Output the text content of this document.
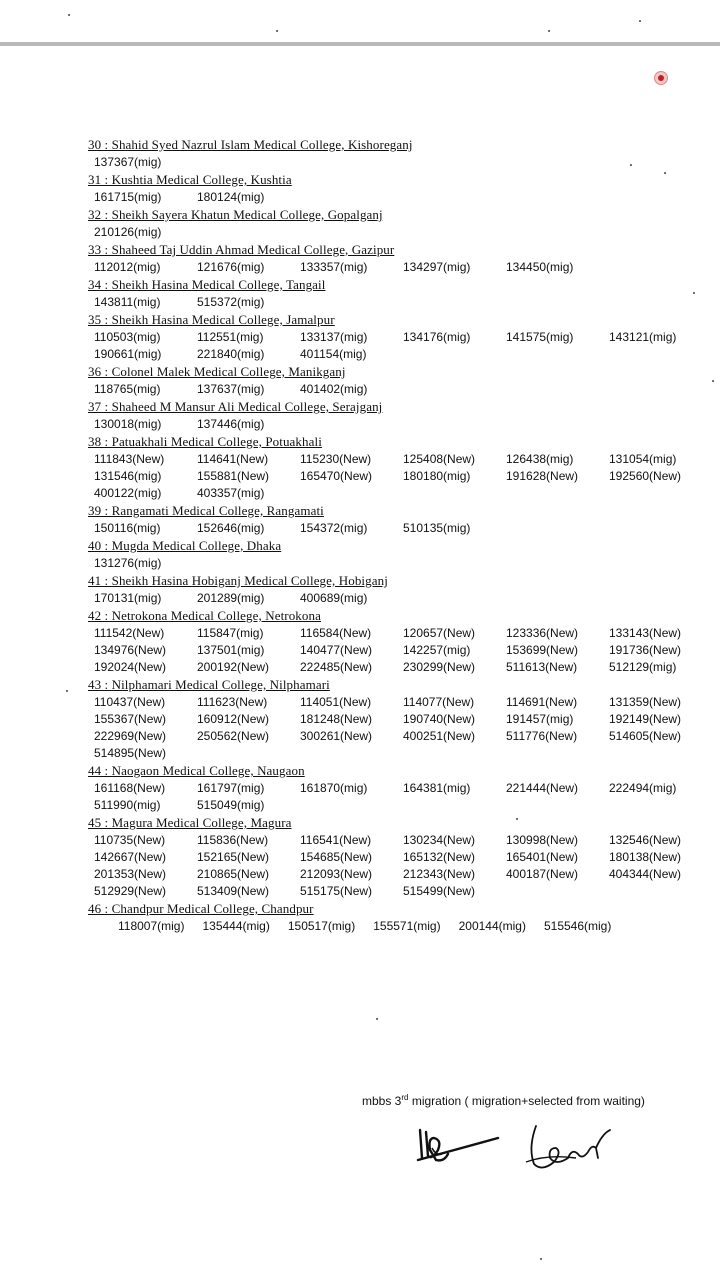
30 : Shahid Syed Nazrul Islam Medical College, Kishoreganj
137367(mig)
31 : Kushtia Medical College, Kushtia
161715(mig)	180124(mig)
32 : Sheikh Sayera Khatun Medical College, Gopalganj
210126(mig)
33 : Shaheed Taj Uddin Ahmad Medical College, Gazipur
112012(mig)	121676(mig)	133357(mig)	134297(mig)	134450(mig)
34 : Sheikh Hasina Medical College, Tangail
143811(mig)	515372(mig)
35 : Sheikh Hasina Medical College, Jamalpur
110503(mig)	112551(mig)	133137(mig)	134176(mig)	141575(mig)	143121(mig)
190661(mig)	221840(mig)	401154(mig)
36 : Colonel Malek Medical College, Manikganj
118765(mig)	137637(mig)	401402(mig)
37 : Shaheed M Mansur Ali Medical College, Serajganj
130018(mig)	137446(mig)
38 : Patuakhali Medical College, Potuakhali
111843(New)	114641(New)	115230(New)	125408(New)	126438(mig)	131054(mig)
131546(mig)	155881(New)	165470(New)	180180(mig)	191628(New)	192560(New)
400122(mig)	403357(mig)
39 : Rangamati Medical College, Rangamati
150116(mig)	152646(mig)	154372(mig)	510135(mig)
40 : Mugda Medical College, Dhaka
131276(mig)
41 : Sheikh Hasina Hobiganj Medical College, Hobiganj
170131(mig)	201289(mig)	400689(mig)
42 : Netrokona Medical College, Netrokona
111542(New)	115847(mig)	116584(New)	120657(New)	123336(New)	133143(New)
134976(New)	137501(mig)	140477(New)	142257(mig)	153699(New)	191736(New)
192024(New)	200192(New)	222485(New)	230299(New)	511613(New)	512129(mig)
43 : Nilphamari Medical College, Nilphamari
110437(New)	111623(New)	114051(New)	114077(New)	114691(New)	131359(New)
155367(New)	160912(New)	181248(New)	190740(New)	191457(mig)	192149(New)
222969(New)	250562(New)	300261(New)	400251(New)	511776(New)	514605(New)
514895(New)
44 : Naogaon Medical College, Naugaon
161168(New)	161797(mig)	161870(mig)	164381(mig)	221444(New)	222494(mig)
511990(mig)	515049(mig)
45 : Magura Medical College, Magura
110735(New)	115836(New)	116541(New)	130234(New)	130998(New)	132546(New)
142667(New)	152165(New)	154685(New)	165132(New)	165401(New)	180138(New)
201353(New)	210865(New)	212093(New)	212343(New)	400187(New)	404344(New)
512929(New)	513409(New)	515175(New)	515499(New)
46 : Chandpur Medical College, Chandpur
118007(mig) 135444(mig) 150517(mig) 155571(mig) 200144(mig) 515546(mig)
mbbs 3rd migration ( migration+selected from waiting)
